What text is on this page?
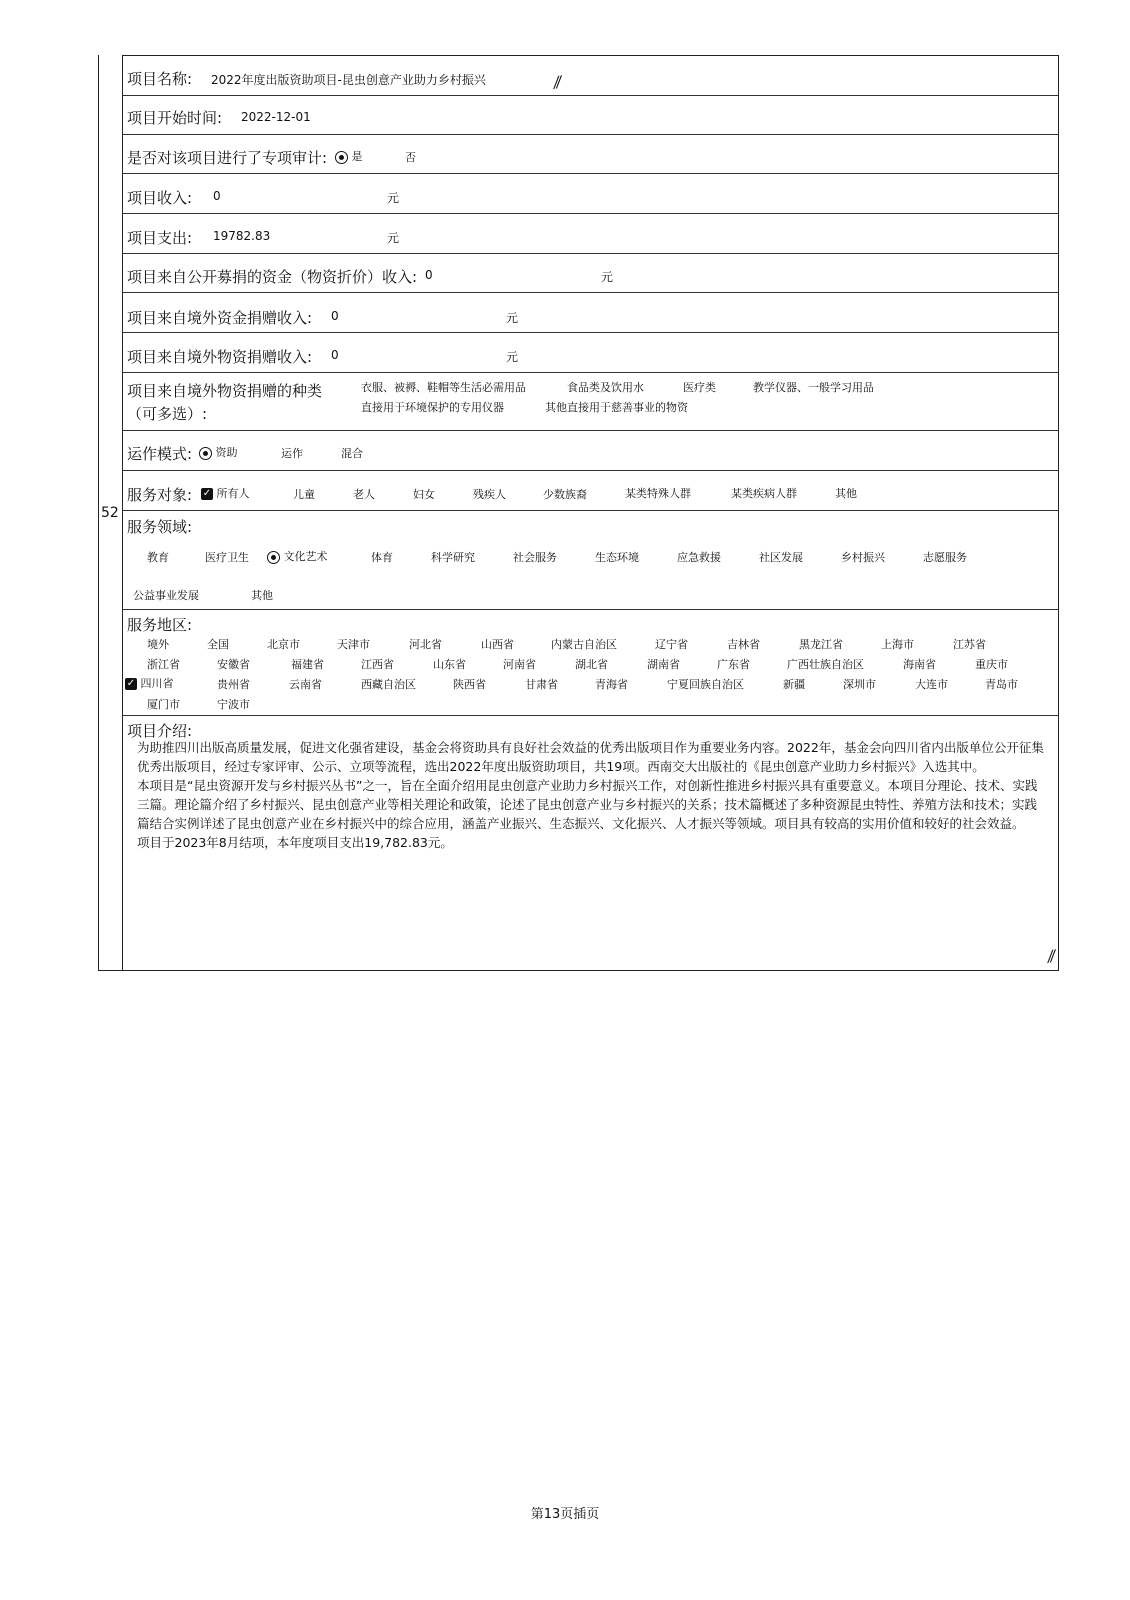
52
项目名称: 2022年度出版资助项目-昆虫创意产业助力乡村振兴	⁄⁄
项目开始时间: 2022-12-01
是否对该项目进行了专项审计:	是	否
项目收入: 0	元
项目支出: 19782.83	元
项目来自公开募捐的资金（物资折价）收入: 0	元
项目来自境外资金捐赠收入: 0	元
项目来自境外物资捐赠收入: 0	元
项目来自境外物资捐赠的种类
（可多选）:
衣服、被褥、鞋帽等生活必需用品	食品类及饮用水	医疗类	教学仪器、一般学习用品
直接用于环境保护的专用仪器	其他直接用于慈善事业的物资
运作模式:	资助	运作	混合
服务对象: ✓ 所有人	儿童	老人	妇女	残疾人	少数族裔	某类特殊人群	某类疾病人群	其他
服务领域:
教育	医疗卫生	文化艺术	体育	科学研究	社会服务	生态环境	应急救援	社区发展	乡村振兴	志愿服务
公益事业发展	其他
服务地区:
境外	全国	北京市	天津市	河北省	山西省	内蒙古自治区	辽宁省	吉林省	黑龙江省	上海市	江苏省
浙江省	安徽省	福建省	江西省	山东省	河南省	湖北省	湖南省	广东省	广西壮族自治区	海南省	重庆市
✓ 四川省	贵州省	云南省	西藏自治区	陕西省	甘肃省	青海省	宁夏回族自治区	新疆	深圳市	大连市	青岛市
厦门市	宁波市
项目介绍:

为助推四川出版高质量发展，促进文化强省建设，基金会将资助具有良好社会效益的优秀出版项目作为重要业务内容。2022年，基金会向四川省内出版单位公开征集优秀出版项目，经过专家评审、公示、立项等流程，选出2022年度出版资助项目，共19项。西南交大出版社的《昆虫创意产业助力乡村振兴》入选其中。

本项目是“昆虫资源开发与乡村振兴丛书”之一，旨在全面介绍用昆虫创意产业助力乡村振兴工作，对创新性推进乡村振兴具有重要意义。本项目分理论、技术、实践三篇。理论篇介绍了乡村振兴、昆虫创意产业等相关理论和政策，论述了昆虫创意产业与乡村振兴的关系；技术篇概述了多种资源昆虫特性、养殖方法和技术；实践篇结合实例详述了昆虫创意产业在乡村振兴中的综合应用，涵盖产业振兴、生态振兴、文化振兴、人才振兴等领域。项目具有较高的实用价值和较好的社会效益。

项目于2023年8月结项，本年度项目支出19,782.83元。

⁄⁄
第13页插页
